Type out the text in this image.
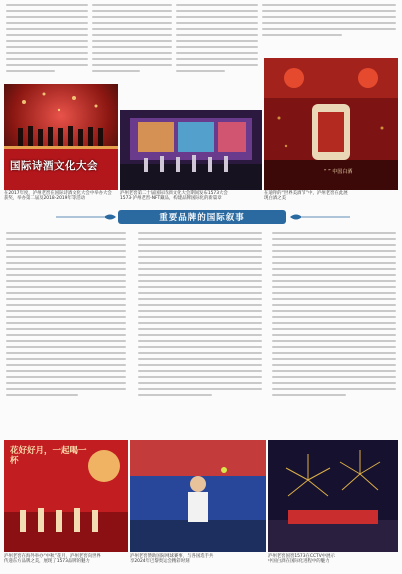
国际诗酒文化大会
在2017年度，泸州老窖在国际诗酒文化大会中举办大会
获奖，举办第二届及2018-2019年等活动
泸州老窖第二十届国际诗酒文化大会期间发布1573大会
1573·泸州老窖-NFT藏品，构建品牌国际化的新篇章
“ ” 中国白酒
在迪拜的“世界美酒节”中，泸州老窖在此展
现白酒之美
重要品牌的国际叙事
花好好月，一起喝一杯
泸州老窖在海外举办“中秋”花月，泸州老窖向世界
传递东方品牌之美，展现了1573品牌的魅力
泸州老窖赞助国际网球赛事，与各国选手共
享2024年巴黎奥运会精彩时刻
泸州老窖国窖1573在CCTV中展示
中国白酒在国际化进程中的魅力
